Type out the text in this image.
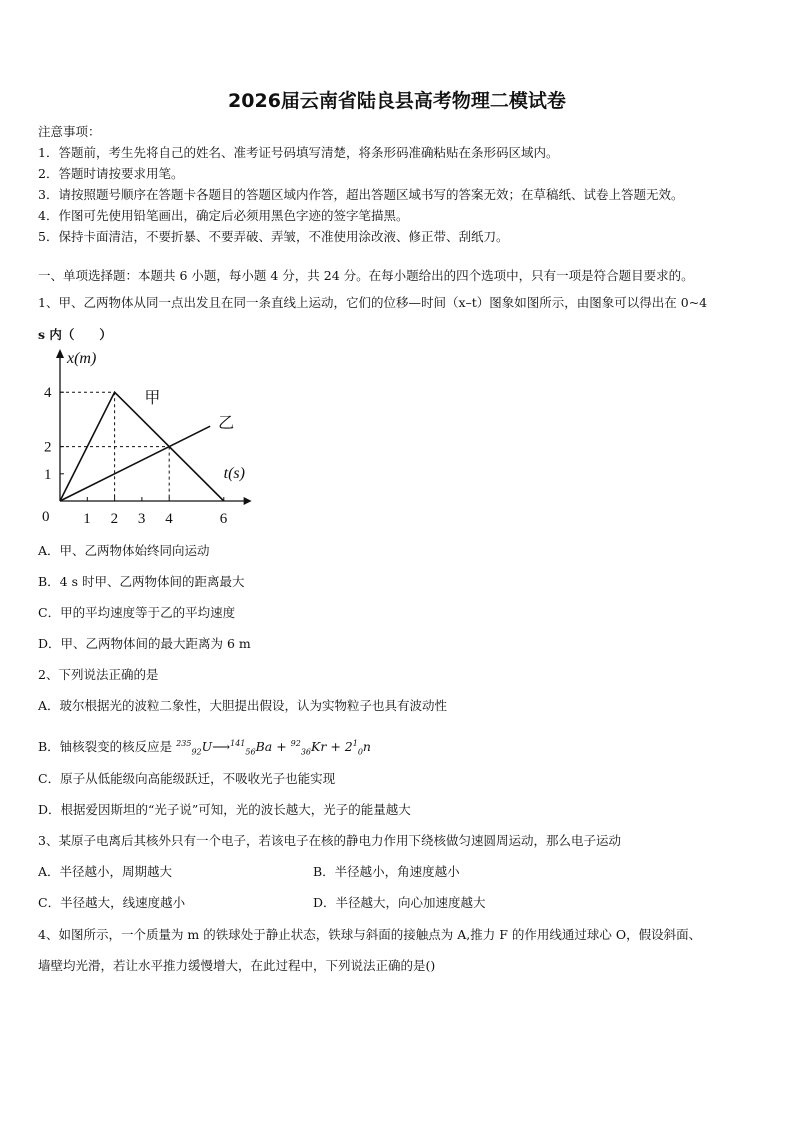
2026届云南省陆良县高考物理二模试卷
注意事项：
1．答题前，考生先将自己的姓名、准考证号码填写清楚，将条形码准确粘贴在条形码区域内。
2．答题时请按要求用笔。
3．请按照题号顺序在答题卡各题目的答题区域内作答，超出答题区域书写的答案无效；在草稿纸、试卷上答题无效。
4．作图可先使用铅笔画出，确定后必须用黑色字迹的签字笔描黑。
5．保持卡面清洁，不要折暴、不要弄破、弄皱，不准使用涂改液、修正带、刮纸刀。
一、单项选择题：本题共 6 小题，每小题 4 分，共 24 分。在每小题给出的四个选项中，只有一项是符合题目要求的。
1、甲、乙两物体从同一点出发且在同一条直线上运动，它们的位移—时间（x–t）图象如图所示，由图象可以得出在 0~4
s 内（　　）
1
2
4
1 2 3 4	6
0
x(m)
t(s)
甲
乙
A．甲、乙两物体始终同向运动
B．4 s 时甲、乙两物体间的距离最大
C．甲的平均速度等于乙的平均速度
D．甲、乙两物体间的最大距离为 6 m
2、下列说法正确的是
A．玻尔根据光的波粒二象性，大胆提出假设，认为实物粒子也具有波动性
B．铀核裂变的核反应是 $^{235}_{92}$U⟶$^{141}_{56}$Ba + $^{92}_{36}Kr + 2^1_0n$
C．原子从低能级向高能级跃迁，不吸收光子也能实现
D．根据爱因斯坦的“光子说”可知，光的波长越大，光子的能量越大
3、某原子电离后其核外只有一个电子，若该电子在核的静电力作用下绕核做匀速圆周运动，那么电子运动
A．半径越小，周期越大	B．半径越小，角速度越小
C．半径越大，线速度越小	D．半径越大，向心加速度越大
4、如图所示，一个质量为 m 的铁球处于静止状态，铁球与斜面的接触点为 A,推力 F 的作用线通过球心 O，假设斜面、
墙壁均光滑，若让水平推力缓慢增大，在此过程中，下列说法正确的是()
